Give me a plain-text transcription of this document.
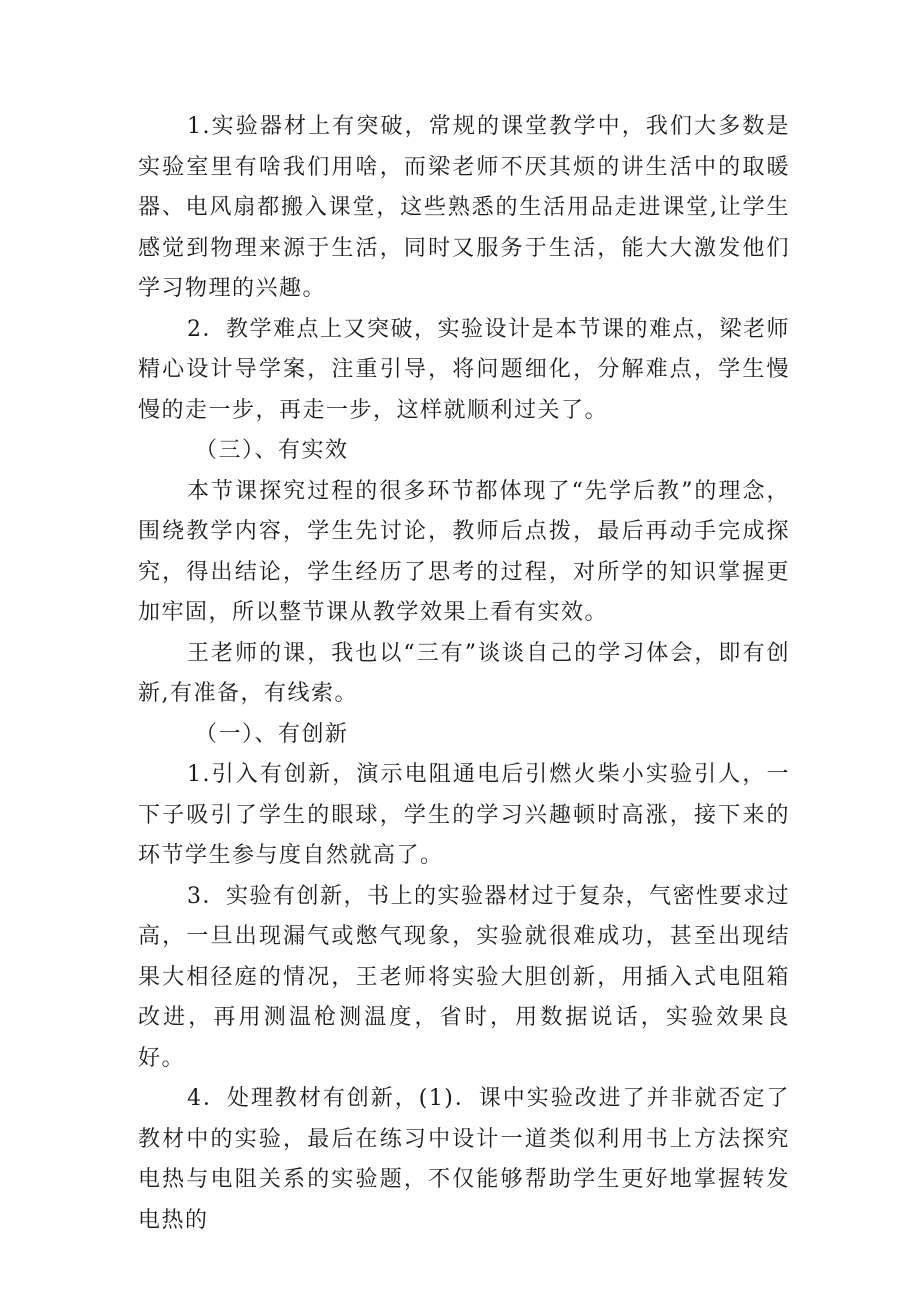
1.实验器材上有突破，常规的课堂教学中，我们大多数是实验室里有啥我们用啥，而梁老师不厌其烦的讲生活中的取暖器、电风扇都搬入课堂，这些熟悉的生活用品走进课堂,让学生感觉到物理来源于生活，同时又服务于生活，能大大激发他们学习物理的兴趣。

2．教学难点上又突破，实验设计是本节课的难点，梁老师精心设计导学案，注重引导，将问题细化，分解难点，学生慢慢的走一步，再走一步，这样就顺利过关了。

（三）、有实效

本节课探究过程的很多环节都体现了“先学后教”的理念，围绕教学内容，学生先讨论，教师后点拨，最后再动手完成探究，得出结论，学生经历了思考的过程，对所学的知识掌握更加牢固，所以整节课从教学效果上看有实效。

王老师的课，我也以“三有”谈谈自己的学习体会，即有创新,有准备，有线索。

（一）、有创新

1.引入有创新，演示电阻通电后引燃火柴小实验引人，一下子吸引了学生的眼球，学生的学习兴趣顿时高涨，接下来的环节学生参与度自然就高了。

3．实验有创新，书上的实验器材过于复杂，气密性要求过高，一旦出现漏气或憋气现象，实验就很难成功，甚至出现结果大相径庭的情况，王老师将实验大胆创新，用插入式电阻箱改进，再用测温枪测温度，省时，用数据说话，实验效果良好。

4．处理教材有创新，(1)．课中实验改进了并非就否定了教材中的实验，最后在练习中设计一道类似利用书上方法探究电热与电阻关系的实验题，不仅能够帮助学生更好地掌握转发电热的
